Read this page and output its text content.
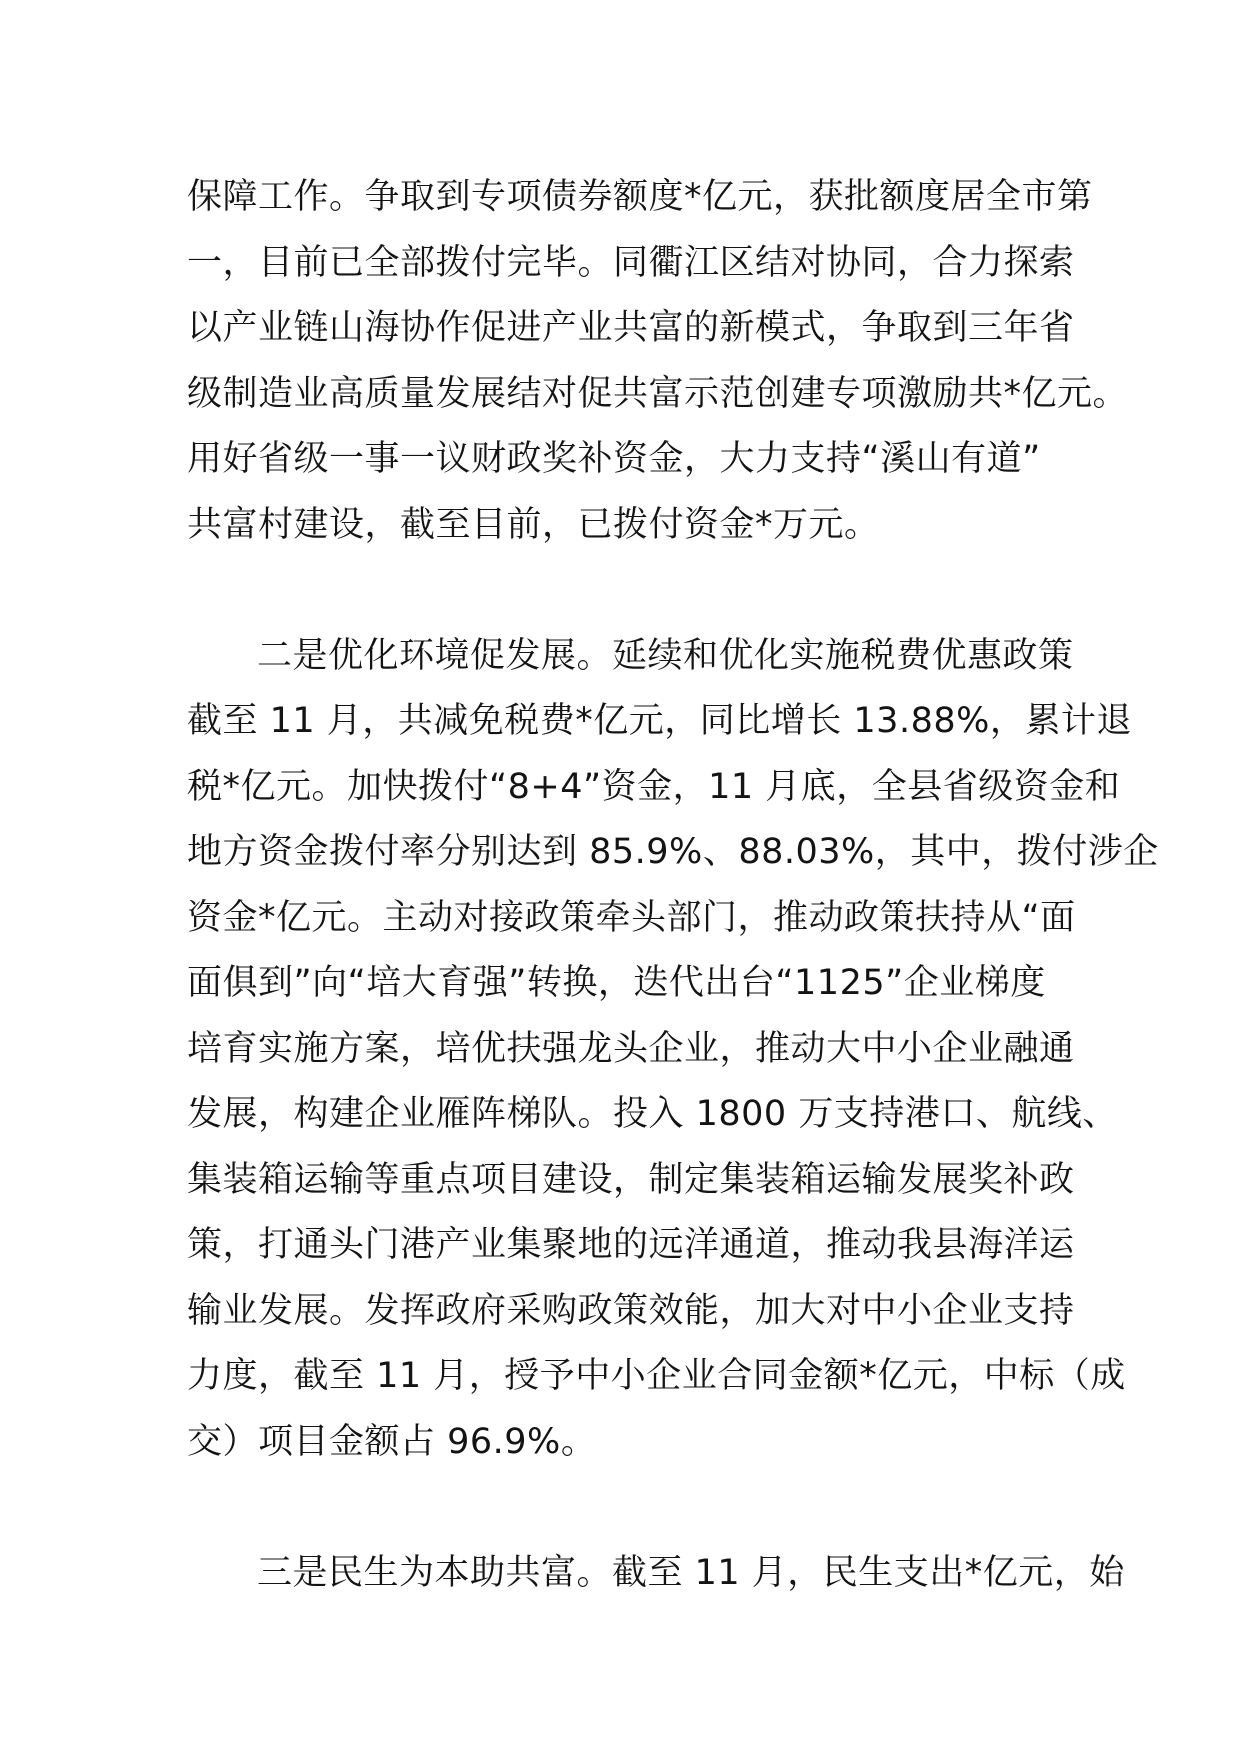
保障工作。争取到专项债券额度*亿元，获批额度居全市第
一，目前已全部拨付完毕。同衢江区结对协同，合力探索
以产业链山海协作促进产业共富的新模式，争取到三年省
级制造业高质量发展结对促共富示范创建专项激励共*亿元。
用好省级一事一议财政奖补资金，大力支持“溪山有道”
共富村建设，截至目前，已拨付资金*万元。
二是优化环境促发展。延续和优化实施税费优惠政策
截至 11 月，共减免税费*亿元，同比增长 13.88%，累计退
税*亿元。加快拨付“8+4”资金，11 月底，全县省级资金和
地方资金拨付率分别达到 85.9%、88.03%，其中，拨付涉企
资金*亿元。主动对接政策牵头部门，推动政策扶持从“面
面俱到”向“培大育强”转换，迭代出台“1125”企业梯度
培育实施方案，培优扶强龙头企业，推动大中小企业融通
发展，构建企业雁阵梯队。投入 1800 万支持港口、航线、
集装箱运输等重点项目建设，制定集装箱运输发展奖补政
策，打通头门港产业集聚地的远洋通道，推动我县海洋运
输业发展。发挥政府采购政策效能，加大对中小企业支持
力度，截至 11 月，授予中小企业合同金额*亿元，中标（成
交）项目金额占 96.9%。
三是民生为本助共富。截至 11 月，民生支出*亿元，始
